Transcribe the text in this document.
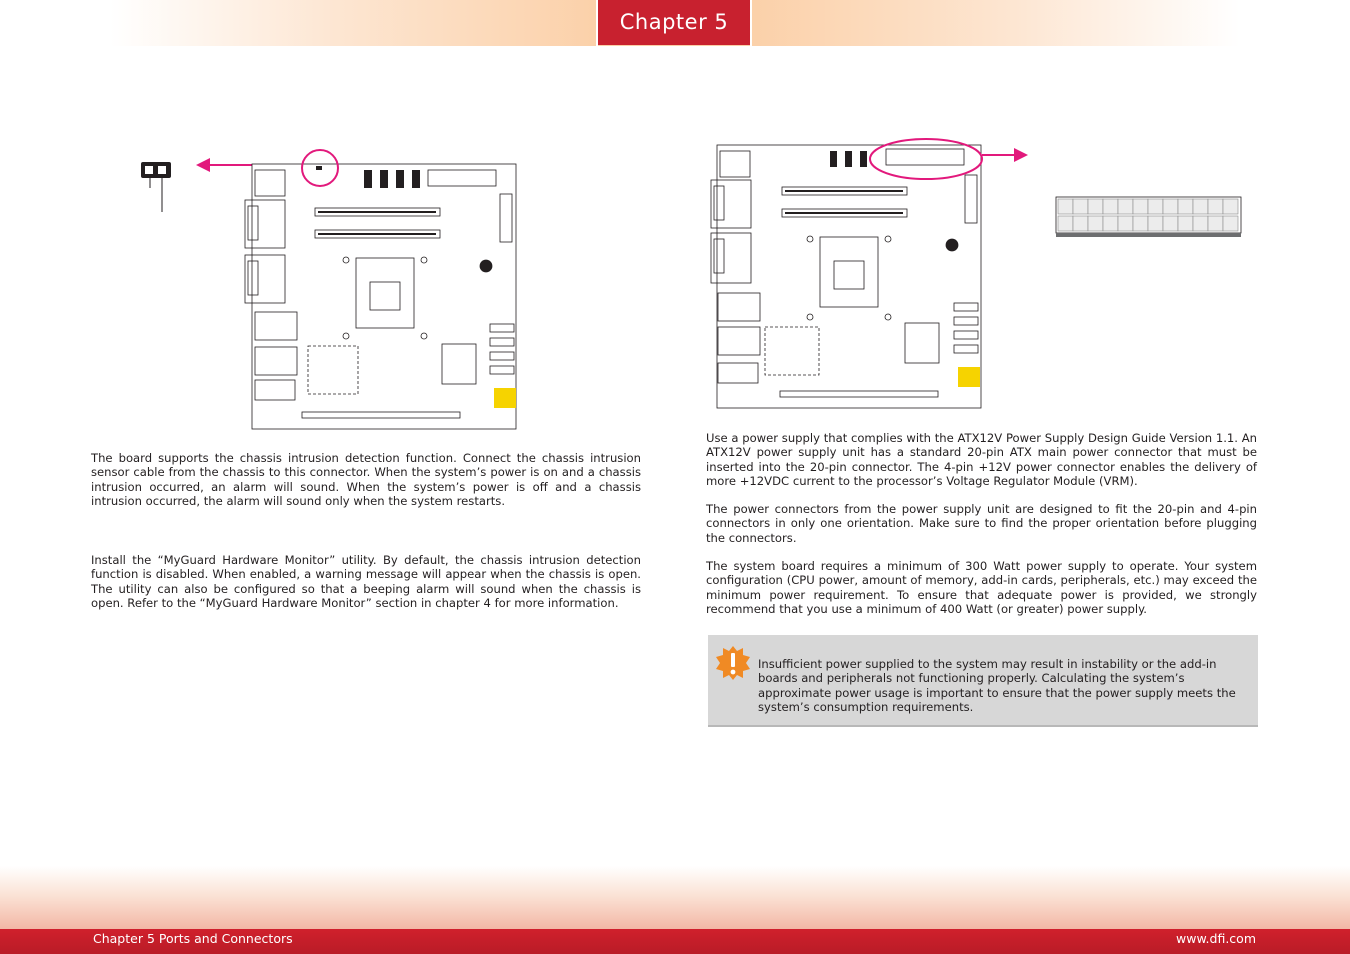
Chapter 5

The board supports the chassis intrusion detection function. Connect the chassis intrusion sensor cable from the chassis to this connector. When the system’s power is on and a chassis intrusion occurred, an alarm will sound. When the system’s power is off and a chassis intrusion occurred, the alarm will sound only when the system restarts.

Install the “MyGuard Hardware Monitor” utility. By default, the chassis intrusion detection function is disabled. When enabled, a warning message will appear when the chassis is open. The utility can also be configured so that a beeping alarm will sound when the chassis is open. Refer to the “MyGuard Hardware Monitor” section in chapter 4 for more information.

Use a power supply that complies with the ATX12V Power Supply Design Guide Version 1.1. An ATX12V power supply unit has a standard 20-pin ATX main power connector that must be inserted into the 20-pin connector. The 4-pin +12V power connector enables the delivery of more +12VDC current to the processor’s Voltage Regulator Module (VRM).

The power connectors from the power supply unit are designed to fit the 20-pin and 4-pin connectors in only one orientation. Make sure to find the proper orientation before plugging the connectors.

The system board requires a minimum of 300 Watt power supply to operate. Your system configuration (CPU power, amount of memory, add-in cards, peripherals, etc.) may exceed the minimum power requirement. To ensure that adequate power is provided, we strongly recommend that you use a minimum of 400 Watt (or greater) power supply.

Insufficient power supplied to the system may result in instability or the add-in boards and peripherals not functioning properly. Calculating the system’s approximate power usage is important to ensure that the power supply meets the system’s consumption requirements.

Chapter 5 Ports and Connectors	www.dfi.com
